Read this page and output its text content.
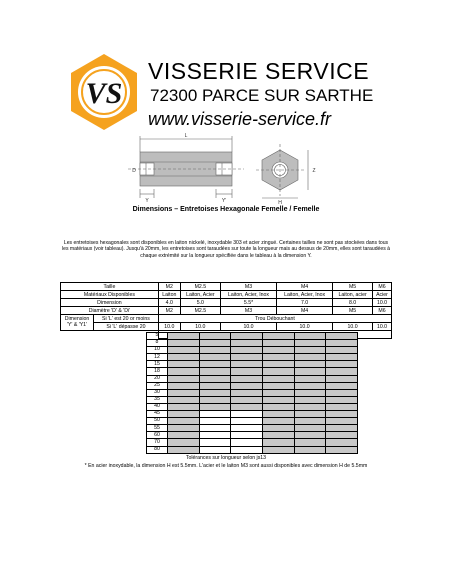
VS
VISSERIE SERVICE
72300 PARCE SUR SARTHE
www.visserie-service.fr
L
D
Y	Y'	H
Z
Dimensions – Entretoises Hexagonale Femelle / Femelle
Les entretoises hexagonales sont disponibles en laiton nickelé, inoxydable 303 et acier zingué. Certaines tailles ne sont pas stockées dans tous les matériaux (voir tableau). Jusqu'à 20mm, les entretoises sont taraudées sur toute la longueur mais au dessus de 20mm, elles sont taraudées à chaque extrémité sur la longueur spécifiée dans le tableau à la dimension Y.
Taille		M2	M2.5	M3	M4	M5	M6
Matériaux Disponibles		Laiton	Laiton, Acier	Laiton, Acier, Inox	Laiton, Acier, Inox	Laiton, acier	Acier
Dimension		4.0	5.0	5.5*	7.0	8.0	10.0
Diamètre 'D' & 'Di'		M2	M2.5	M3	M4	M5	M6
Dimension 'Y' & 'Y1'	Si 'L' est 20 or moins	Trou Débouchant					
	Si 'L' dépasse 20	10.0	10.0	10.0	10.0	10.0	10.0

5						
8						
10						
12						
15						
18						
20						
25						
30						
35						
40						
45						
50						
55						
60						
70						
80						
Tolérances sur longueur selon js13
* En acier inoxydable, la dimension H est 5.5mm. L'acier et le laiton M3 sont aussi disponibles avec dimension H de 5.5mm
